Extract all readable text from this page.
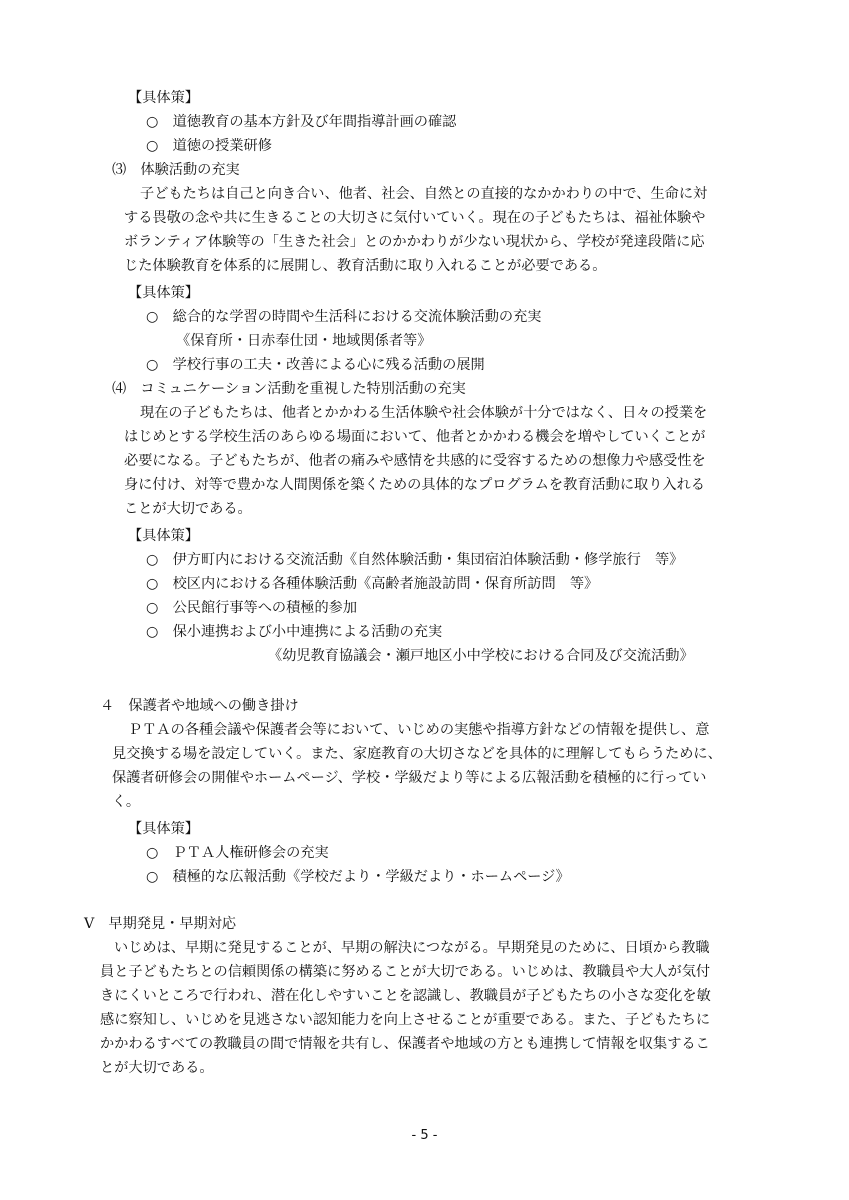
【具体策】
○　道徳教育の基本方針及び年間指導計画の確認
○　道徳の授業研修
⑶　体験活動の充実
子どもたちは自己と向き合い、他者、社会、自然との直接的なかかわりの中で、生命に対
する畏敬の念や共に生きることの大切さに気付いていく。現在の子どもたちは、福祉体験や
ボランティア体験等の「生きた社会」とのかかわりが少ない現状から、学校が発達段階に応
じた体験教育を体系的に展開し、教育活動に取り入れることが必要である。
【具体策】
○　総合的な学習の時間や生活科における交流体験活動の充実
《保育所・日赤奉仕団・地域関係者等》
○　学校行事の工夫・改善による心に残る活動の展開
⑷　コミュニケーション活動を重視した特別活動の充実
現在の子どもたちは、他者とかかわる生活体験や社会体験が十分ではなく、日々の授業を
はじめとする学校生活のあらゆる場面において、他者とかかわる機会を増やしていくことが
必要になる。子どもたちが、他者の痛みや感情を共感的に受容するための想像力や感受性を
身に付け、対等で豊かな人間関係を築くための具体的なプログラムを教育活動に取り入れる
ことが大切である。
【具体策】
○　伊方町内における交流活動《自然体験活動・集団宿泊体験活動・修学旅行　等》
○　校区内における各種体験活動《高齢者施設訪問・保育所訪問　等》
○　公民館行事等への積極的参加
○　保小連携および小中連携による活動の充実
《幼児教育協議会・瀬戸地区小中学校における合同及び交流活動》
４　保護者や地域への働き掛け
ＰＴＡの各種会議や保護者会等において、いじめの実態や指導方針などの情報を提供し、意
見交換する場を設定していく。また、家庭教育の大切さなどを具体的に理解してもらうために、
保護者研修会の開催やホームページ、学校・学級だより等による広報活動を積極的に行ってい
く。
【具体策】
○　ＰＴＡ人権研修会の充実
○　積極的な広報活動《学校だより・学級だより・ホームページ》
Ⅴ　早期発見・早期対応
いじめは、早期に発見することが、早期の解決につながる。早期発見のために、日頃から教職
員と子どもたちとの信頼関係の構築に努めることが大切である。いじめは、教職員や大人が気付
きにくいところで行われ、潜在化しやすいことを認識し、教職員が子どもたちの小さな変化を敏
感に察知し、いじめを見逃さない認知能力を向上させることが重要である。また、子どもたちに
かかわるすべての教職員の間で情報を共有し、保護者や地域の方とも連携して情報を収集するこ
とが大切である。
- 5 -
